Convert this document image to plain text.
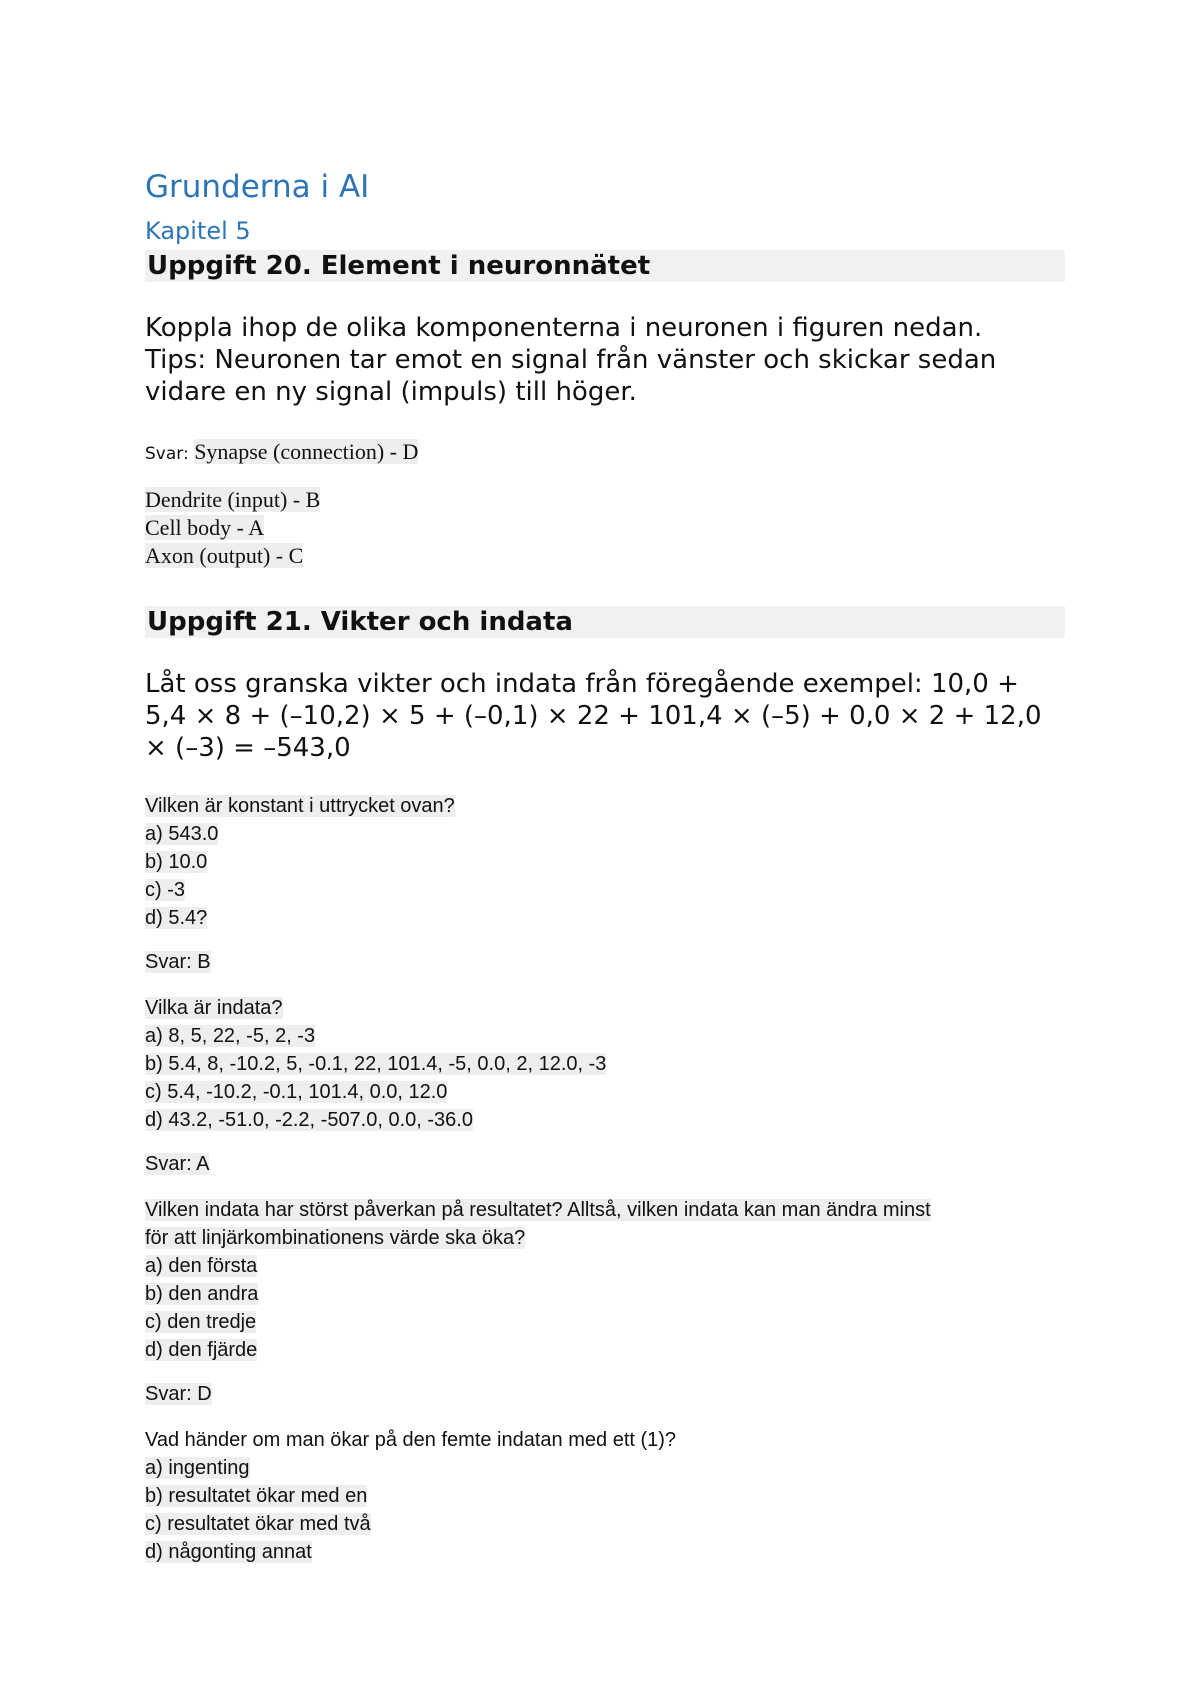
Grunderna i AI
Kapitel 5
Uppgift 20. Element i neuronnätet
Koppla ihop de olika komponenterna i neuronen i figuren nedan. Tips: Neuronen tar emot en signal från vänster och skickar sedan vidare en ny signal (impuls) till höger.
Svar: Synapse (connection) - D
Dendrite (input) - B
Cell body - A
Axon (output) - C
Uppgift 21. Vikter och indata
Låt oss granska vikter och indata från föregående exempel: 10,0 + 5,4 × 8 + (–10,2) × 5 + (–0,1) × 22 + 101,4 × (–5) + 0,0 × 2 + 12,0 × (–3) = –543,0
Vilken är konstant i uttrycket ovan?
a) 543.0
b) 10.0
c) -3
d) 5.4?
Svar: B
Vilka är indata?
a) 8, 5, 22, -5, 2, -3
b) 5.4, 8, -10.2, 5, -0.1, 22, 101.4, -5, 0.0, 2, 12.0, -3
c) 5.4, -10.2, -0.1, 101.4, 0.0, 12.0
d) 43.2, -51.0, -2.2, -507.0, 0.0, -36.0
Svar: A
Vilken indata har störst påverkan på resultatet? Alltså, vilken indata kan man ändra minst
för att linjärkombinationens värde ska öka?
a) den första
b) den andra
c) den tredje
d) den fjärde
Svar: D
Vad händer om man ökar på den femte indatan med ett (1)?
a) ingenting
b) resultatet ökar med en
c) resultatet ökar med två
d) någonting annat
